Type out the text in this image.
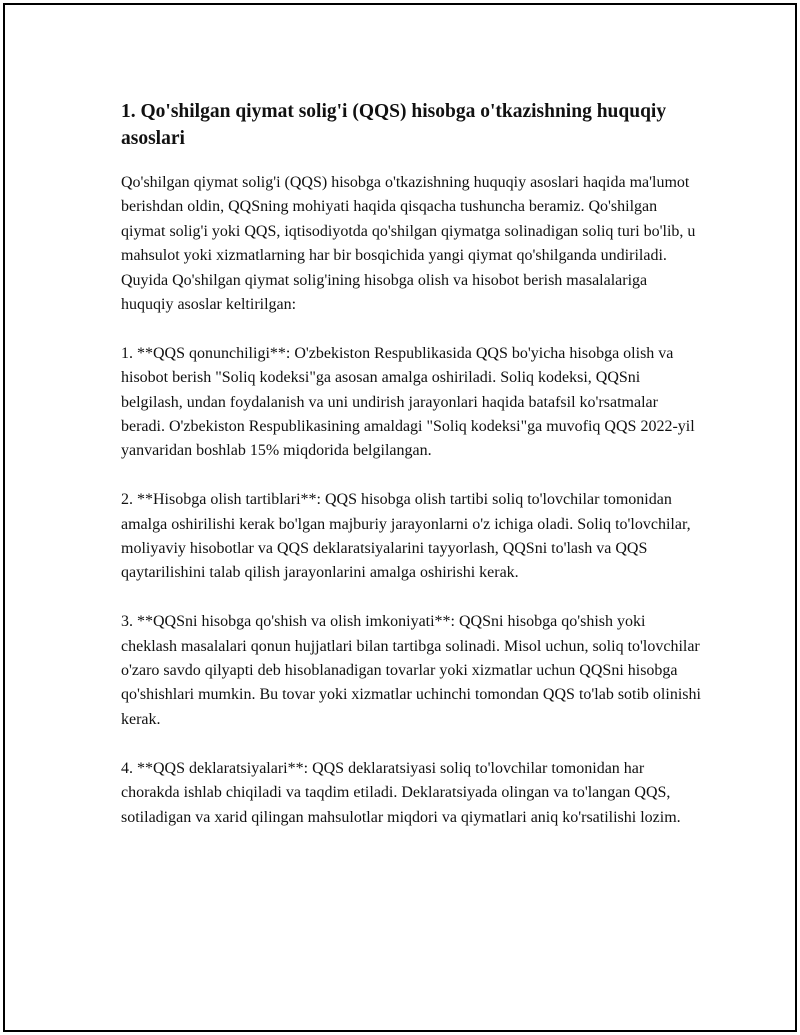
1. Qo'shilgan qiymat solig'i (QQS) hisobga o'tkazishning huquqiy asoslari

Qo'shilgan qiymat solig'i (QQS) hisobga o'tkazishning huquqiy asoslari haqida ma'lumot berishdan oldin, QQSning mohiyati haqida qisqacha tushuncha beramiz. Qo'shilgan qiymat solig'i yoki QQS, iqtisodiyotda qo'shilgan qiymatga solinadigan soliq turi bo'lib, u mahsulot yoki xizmatlarning har bir bosqichida yangi qiymat qo'shilganda undiriladi. Quyida Qo'shilgan qiymat solig'ining hisobga olish va hisobot berish masalalariga huquqiy asoslar keltirilgan:

1. **QQS qonunchiligi**: O'zbekiston Respublikasida QQS bo'yicha hisobga olish va hisobot berish "Soliq kodeksi"ga asosan amalga oshiriladi. Soliq kodeksi, QQSni belgilash, undan foydalanish va uni undirish jarayonlari haqida batafsil ko'rsatmalar beradi. O'zbekiston Respublikasining amaldagi "Soliq kodeksi"ga muvofiq QQS 2022-yil yanvaridan boshlab 15% miqdorida belgilangan.

2. **Hisobga olish tartiblari**: QQS hisobga olish tartibi soliq to'lovchilar tomonidan amalga oshirilishi kerak bo'lgan majburiy jarayonlarni o'z ichiga oladi. Soliq to'lovchilar, moliyaviy hisobotlar va QQS deklaratsiyalarini tayyorlash, QQSni to'lash va QQS qaytarilishini talab qilish jarayonlarini amalga oshirishi kerak.

3. **QQSni hisobga qo'shish va olish imkoniyati**: QQSni hisobga qo'shish yoki cheklash masalalari qonun hujjatlari bilan tartibga solinadi. Misol uchun, soliq to'lovchilar o'zaro savdo qilyapti deb hisoblanadigan tovarlar yoki xizmatlar uchun QQSni hisobga qo'shishlari mumkin. Bu tovar yoki xizmatlar uchinchi tomondan QQS to'lab sotib olinishi kerak.

4. **QQS deklaratsiyalari**: QQS deklaratsiyasi soliq to'lovchilar tomonidan har chorakda ishlab chiqiladi va taqdim etiladi. Deklaratsiyada olingan va to'langan QQS, sotiladigan va xarid qilingan mahsulotlar miqdori va qiymatlari aniq ko'rsatilishi lozim.
